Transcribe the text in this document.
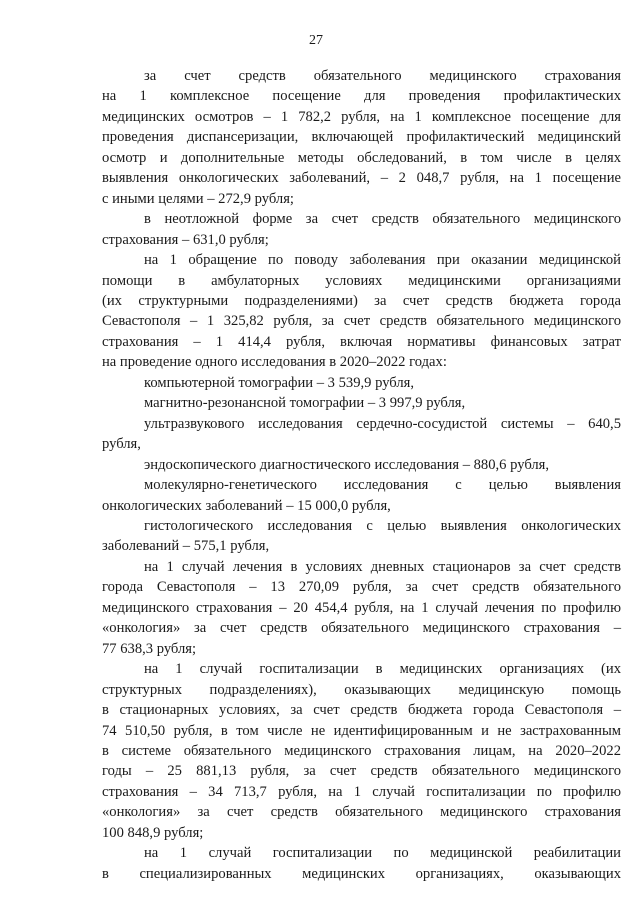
27
за счет средств обязательного медицинского страхования
на 1 комплексное посещение для проведения профилактических
медицинских осмотров – 1 782,2 рубля, на 1 комплексное посещение для
проведения диспансеризации, включающей профилактический медицинский
осмотр и дополнительные методы обследований, в том числе в целях
выявления онкологических заболеваний, – 2 048,7 рубля, на 1 посещение
с иными целями – 272,9 рубля;
в неотложной форме за счет средств обязательного медицинского
страхования – 631,0 рубля;
на 1 обращение по поводу заболевания при оказании медицинской
помощи в амбулаторных условиях медицинскими организациями
(их структурными подразделениями) за счет средств бюджета города
Севастополя – 1 325,82 рубля, за счет средств обязательного медицинского
страхования – 1 414,4 рубля, включая нормативы финансовых затрат
на проведение одного исследования в 2020–2022 годах:
компьютерной томографии – 3 539,9 рубля,
магнитно-резонансной томографии – 3 997,9 рубля,
ультразвукового исследования сердечно-сосудистой системы – 640,5
рубля,
эндоскопического диагностического исследования – 880,6 рубля,
молекулярно-генетического исследования с целью выявления
онкологических заболеваний – 15 000,0 рубля,
гистологического исследования с целью выявления онкологических
заболеваний – 575,1 рубля,
на 1 случай лечения в условиях дневных стационаров за счет средств
города Севастополя – 13 270,09 рубля, за счет средств обязательного
медицинского страхования – 20 454,4 рубля, на 1 случай лечения по профилю
«онкология» за счет средств обязательного медицинского страхования –
77 638,3 рубля;
на 1 случай госпитализации в медицинских организациях (их
структурных подразделениях), оказывающих медицинскую помощь
в стационарных условиях, за счет средств бюджета города Севастополя –
74 510,50 рубля, в том числе не идентифицированным и не застрахованным
в системе обязательного медицинского страхования лицам, на 2020–2022
годы – 25 881,13 рубля, за счет средств обязательного медицинского
страхования – 34 713,7 рубля, на 1 случай госпитализации по профилю
«онкология» за счет средств обязательного медицинского страхования
100 848,9 рубля;
на 1 случай госпитализации по медицинской реабилитации
в специализированных медицинских организациях, оказывающих
